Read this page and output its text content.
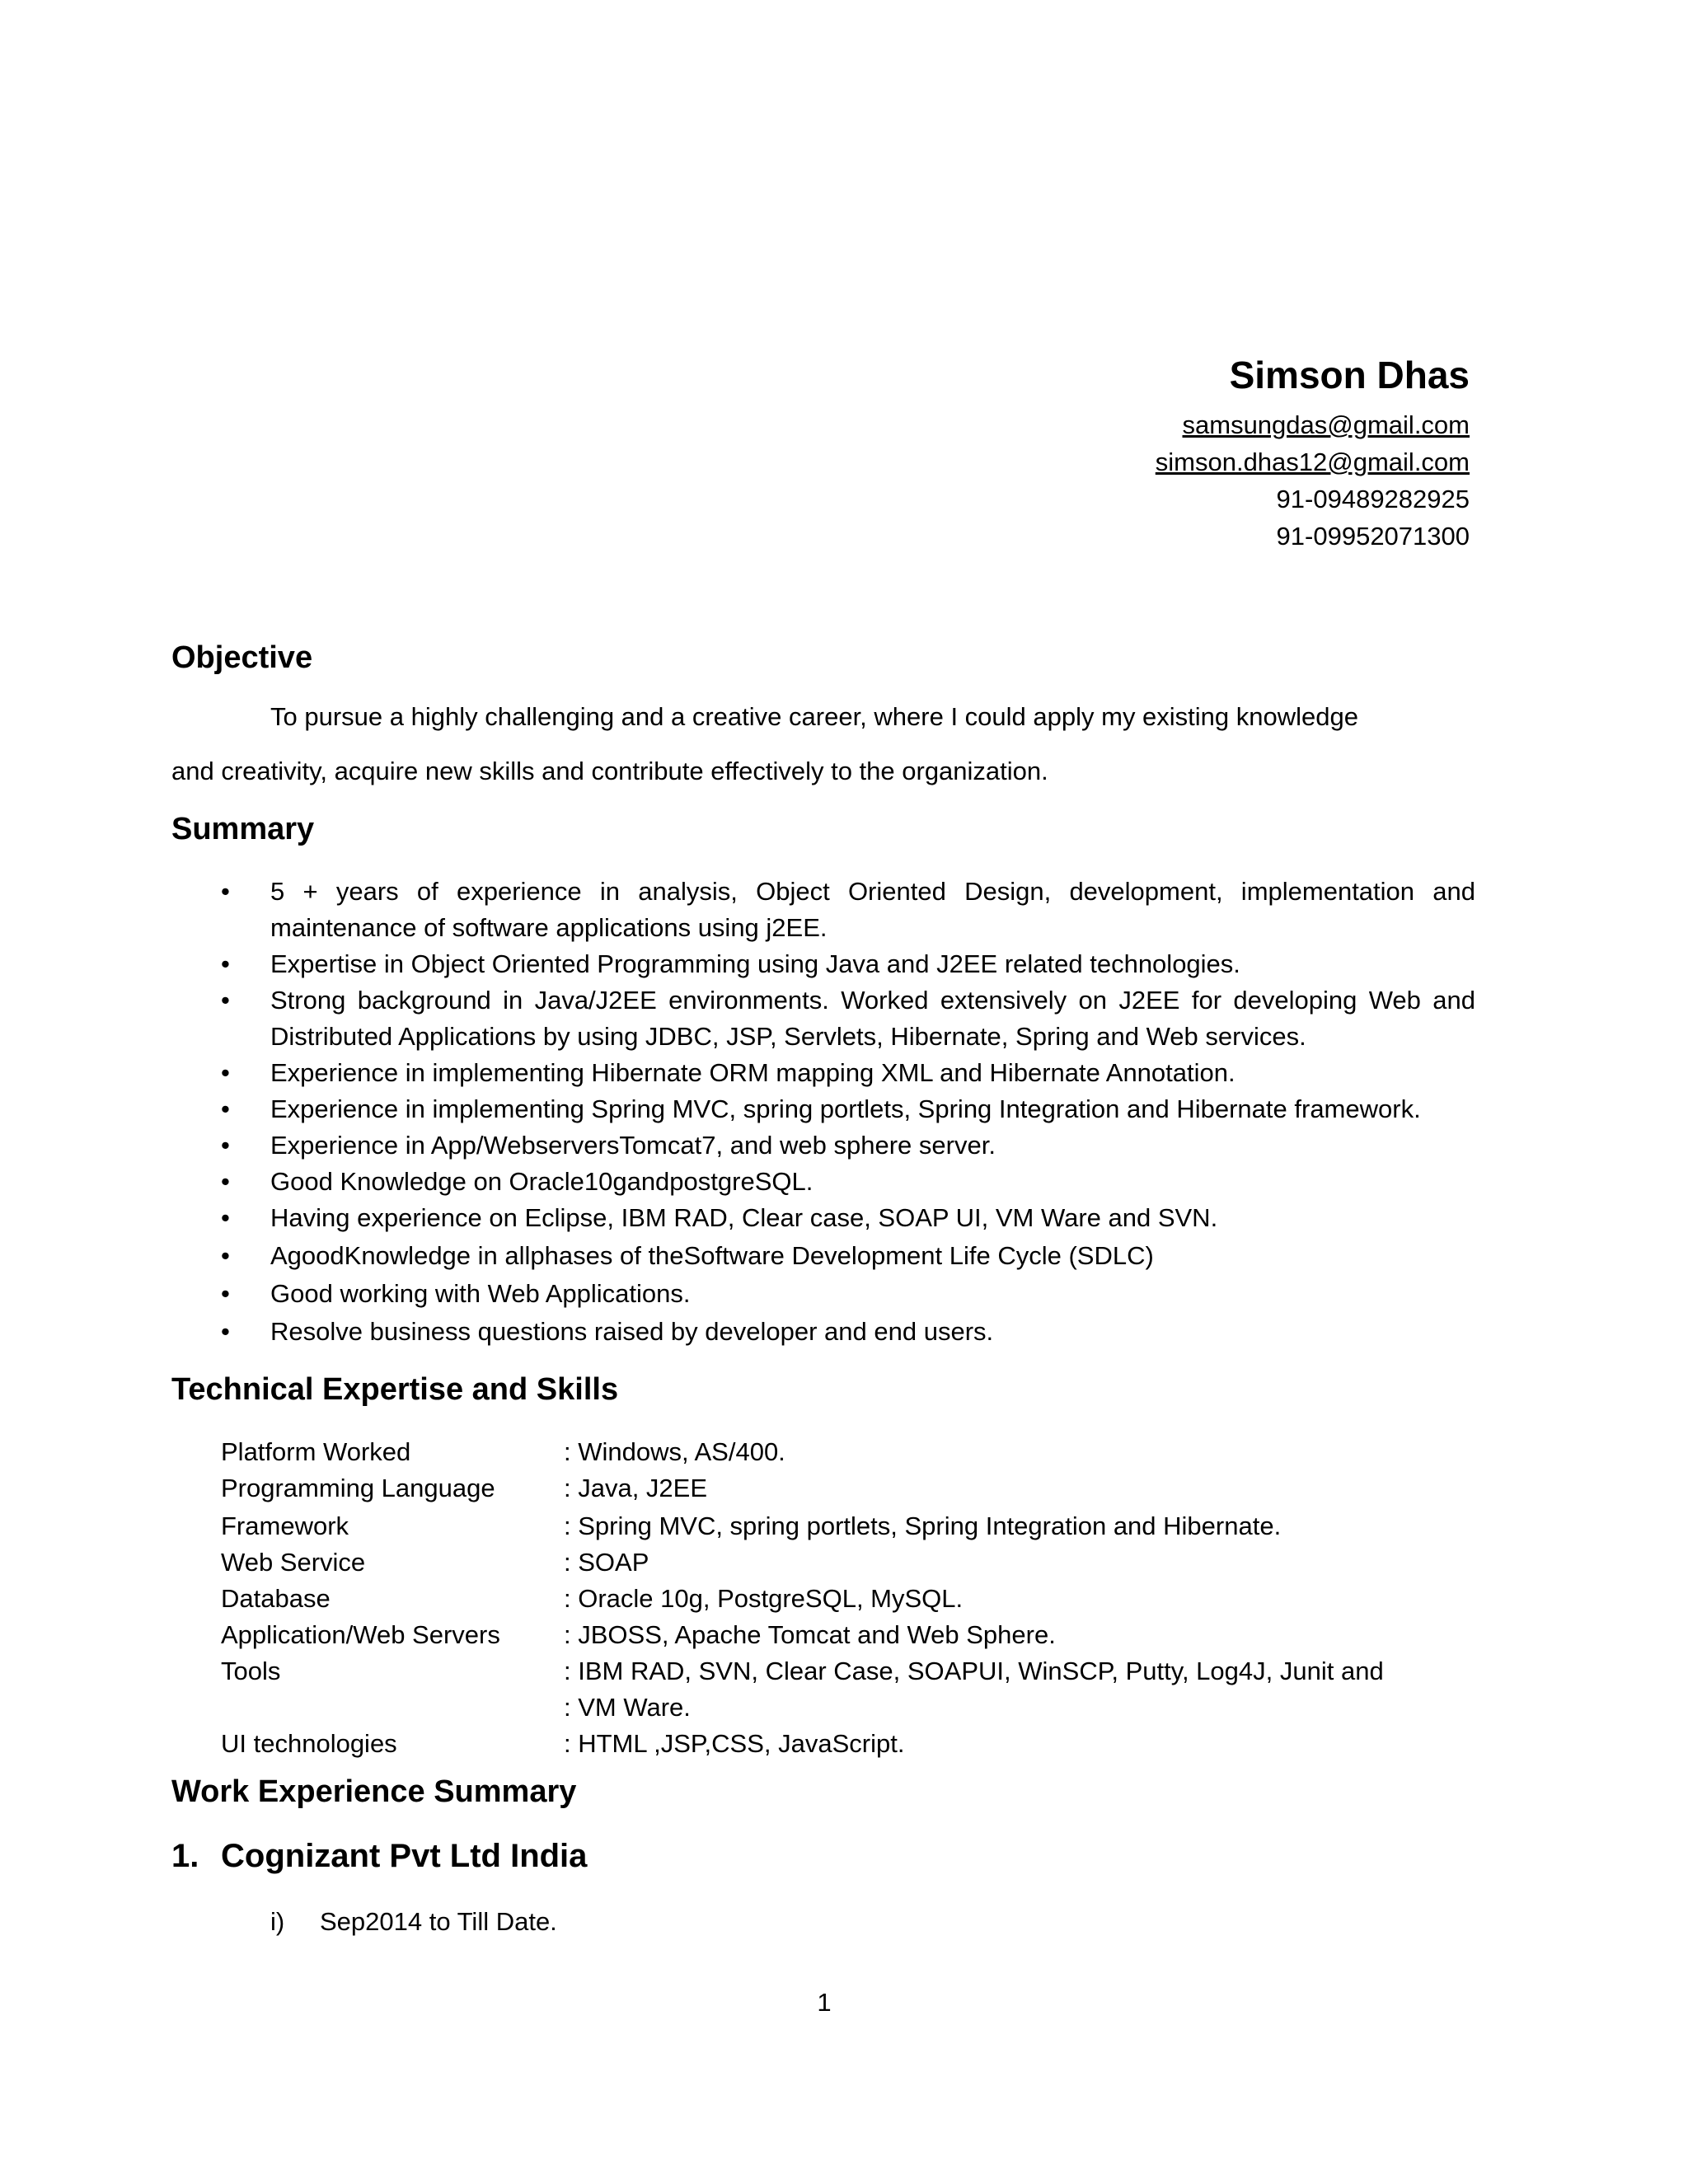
Simson Dhas
samsungdas@gmail.com
simson.dhas12@gmail.com
91-09489282925
91-09952071300
Objective
To pursue a highly challenging and a creative career, where I could apply my existing knowledge
and creativity, acquire new skills and contribute effectively to the organization.
Summary
• 5 + years of experience in analysis, Object Oriented Design, development, implementation and maintenance of software applications using j2EE.
• Expertise in Object Oriented Programming using Java and J2EE related technologies.
• Strong background in Java/J2EE environments. Worked extensively on J2EE for developing Web and Distributed Applications by using JDBC, JSP, Servlets, Hibernate, Spring and Web services.
• Experience in implementing Hibernate ORM mapping XML and Hibernate Annotation.
• Experience in implementing Spring MVC, spring portlets, Spring Integration and Hibernate framework.
• Experience in App/WebserversTomcat7, and web sphere server.
• Good Knowledge on Oracle10gandpostgreSQL.
• Having experience on Eclipse, IBM RAD, Clear case, SOAP UI, VM Ware and SVN.
• AgoodKnowledge in allphases of theSoftware Development Life Cycle (SDLC)
• Good working with Web Applications.
• Resolve business questions raised by developer and end users.
Technical Expertise and Skills
Platform Worked	: Windows, AS/400.
Programming Language	: Java, J2EE
Framework	: Spring MVC, spring portlets, Spring Integration and Hibernate.
Web Service	: SOAP
Database	: Oracle 10g, PostgreSQL, MySQL.
Application/Web Servers	: JBOSS, Apache Tomcat and Web Sphere.
Tools	: IBM RAD, SVN, Clear Case, SOAPUI, WinSCP, Putty, Log4J, Junit and
: VM Ware.
UI technologies	: HTML ,JSP,CSS, JavaScript.
Work Experience Summary
1. Cognizant Pvt Ltd India
i) Sep2014 to Till Date.
1
